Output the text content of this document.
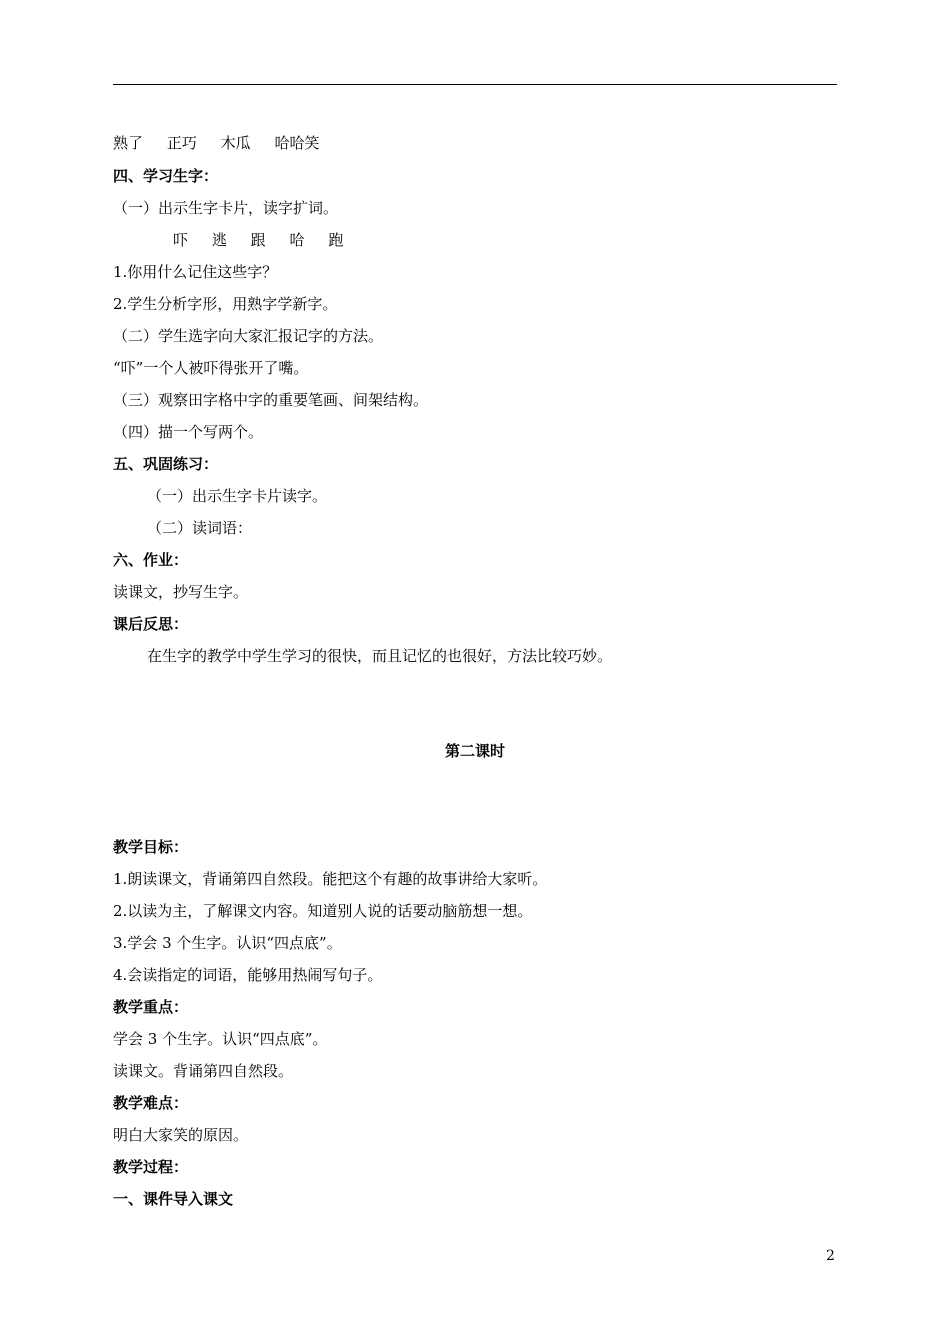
熟了     正巧     木瓜     哈哈笑
四、学习生字：
（一）出示生字卡片，读字扩词。
吓     逃     跟     哈     跑
1.你用什么记住这些字？
2.学生分析字形，用熟字学新字。
（二）学生选字向大家汇报记字的方法。
“吓”一个人被吓得张开了嘴。
（三）观察田字格中字的重要笔画、间架结构。
（四）描一个写两个。
五、巩固练习：
（一）出示生字卡片读字。
（二）读词语：
六、作业：
读课文，抄写生字。
课后反思：
在生字的教学中学生学习的很快，而且记忆的也很好，方法比较巧妙。
第二课时
教学目标：
1.朗读课文，背诵第四自然段。能把这个有趣的故事讲给大家听。
2.以读为主，了解课文内容。知道别人说的话要动脑筋想一想。
3.学会 3 个生字。认识“四点底”。
4.会读指定的词语，能够用热闹写句子。
教学重点：
学会 3 个生字。认识“四点底”。
读课文。背诵第四自然段。
教学难点：
明白大家笑的原因。
教学过程：
一、课件导入课文
2
